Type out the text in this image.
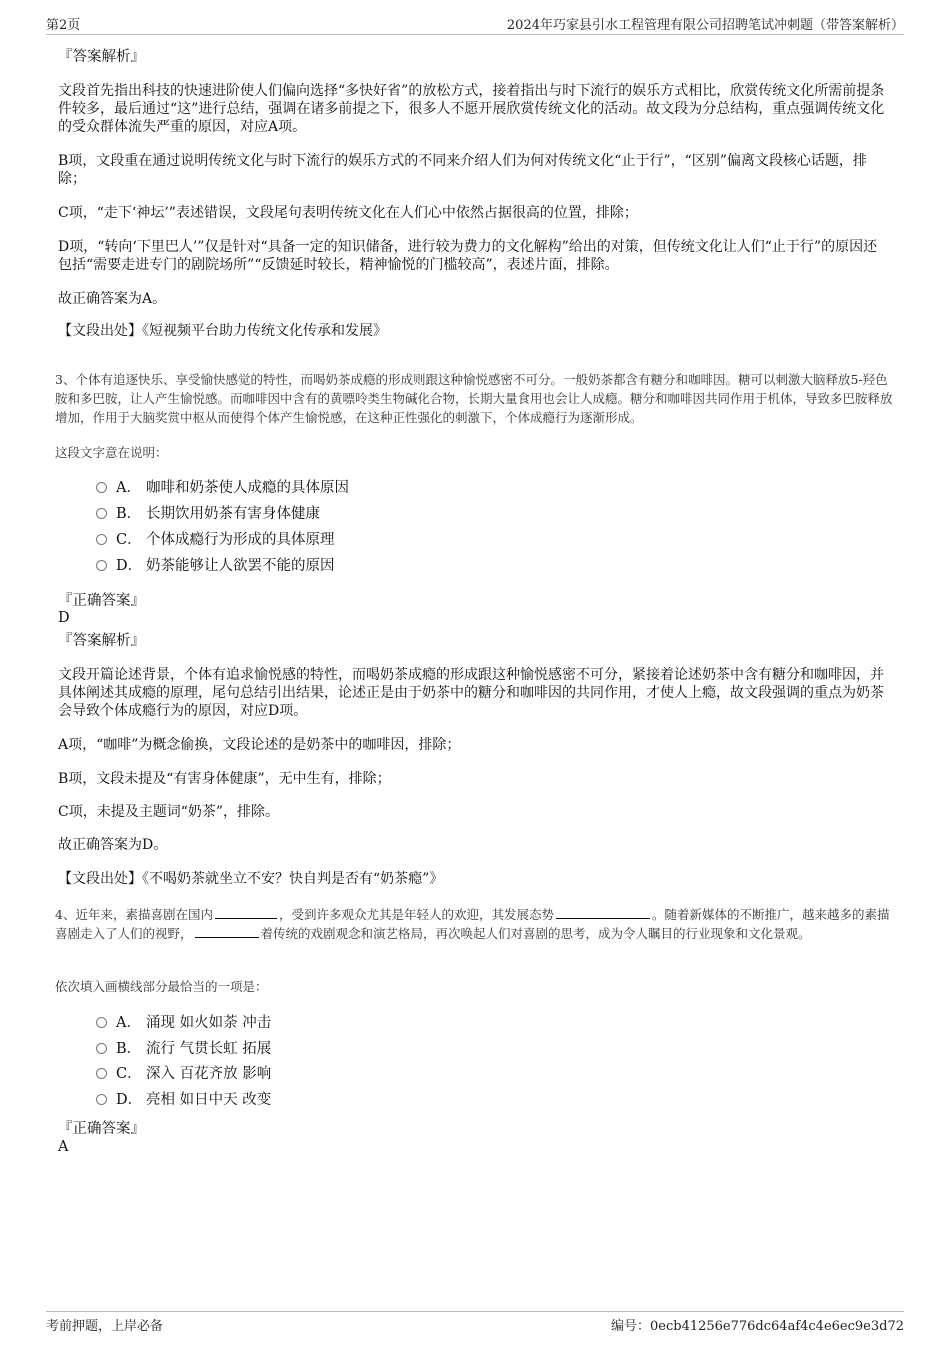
第2页	2024年巧家县引水工程管理有限公司招聘笔试冲刺题（带答案解析）
『答案解析』
文段首先指出科技的快速进阶使人们偏向选择“多快好省”的放松方式，接着指出与时下流行的娱乐方式相比，欣赏传统文化所需前提条件较多，最后通过“这”进行总结，强调在诸多前提之下，很多人不愿开展欣赏传统文化的活动。故文段为分总结构，重点强调传统文化的受众群体流失严重的原因，对应A项。
B项，文段重在通过说明传统文化与时下流行的娱乐方式的不同来介绍人们为何对传统文化“止于行”，“区别”偏离文段核心话题，排除；
C项，“走下‘神坛’”表述错误，文段尾句表明传统文化在人们心中依然占据很高的位置，排除；
D项，“转向‘下里巴人’”仅是针对“具备一定的知识储备，进行较为费力的文化解构”给出的对策，但传统文化让人们“止于行”的原因还包括“需要走进专门的剧院场所”“反馈延时较长，精神愉悦的门槛较高”，表述片面，排除。
故正确答案为A。
【文段出处】《短视频平台助力传统文化传承和发展》
3、个体有追逐快乐、享受愉快感觉的特性，而喝奶茶成瘾的形成则跟这种愉悦感密不可分。一般奶茶都含有糖分和咖啡因。糖可以刺激大脑释放5-羟色胺和多巴胺，让人产生愉悦感。而咖啡因中含有的黄嘌呤类生物碱化合物，长期大量食用也会让人成瘾。糖分和咖啡因共同作用于机体，导致多巴胺释放增加，作用于大脑奖赏中枢从而使得个体产生愉悦感，在这种正性强化的刺激下，个体成瘾行为逐渐形成。
这段文字意在说明：
A． 咖啡和奶茶使人成瘾的具体原因
B． 长期饮用奶茶有害身体健康
C． 个体成瘾行为形成的具体原理
D． 奶茶能够让人欲罢不能的原因
『正确答案』
D
『答案解析』
文段开篇论述背景，个体有追求愉悦感的特性，而喝奶茶成瘾的形成跟这种愉悦感密不可分，紧接着论述奶茶中含有糖分和咖啡因，并具体阐述其成瘾的原理，尾句总结引出结果，论述正是由于奶茶中的糖分和咖啡因的共同作用，才使人上瘾，故文段强调的重点为奶茶会导致个体成瘾行为的原因，对应D项。
A项，“咖啡”为概念偷换，文段论述的是奶茶中的咖啡因，排除；
B项，文段未提及“有害身体健康”，无中生有，排除；
C项，未提及主题词“奶茶”，排除。
故正确答案为D。
【文段出处】《不喝奶茶就坐立不安？快自判是否有“奶茶瘾”》
4、近年来，素描喜剧在国内	，受到许多观众尤其是年轻人的欢迎，其发展态势	。随着新媒体的不断推广，越来越多的素描喜剧走入了人们的视野，	着传统的戏剧观念和演艺格局，再次唤起人们对喜剧的思考，成为令人瞩目的行业现象和文化景观。
依次填入画横线部分最恰当的一项是：
A． 涌现 如火如荼 冲击
B． 流行 气贯长虹 拓展
C． 深入 百花齐放 影响
D． 亮相 如日中天 改变
『正确答案』
A
考前押题，上岸必备	编号：0ecb41256e776dc64af4c4e6ec9e3d72
